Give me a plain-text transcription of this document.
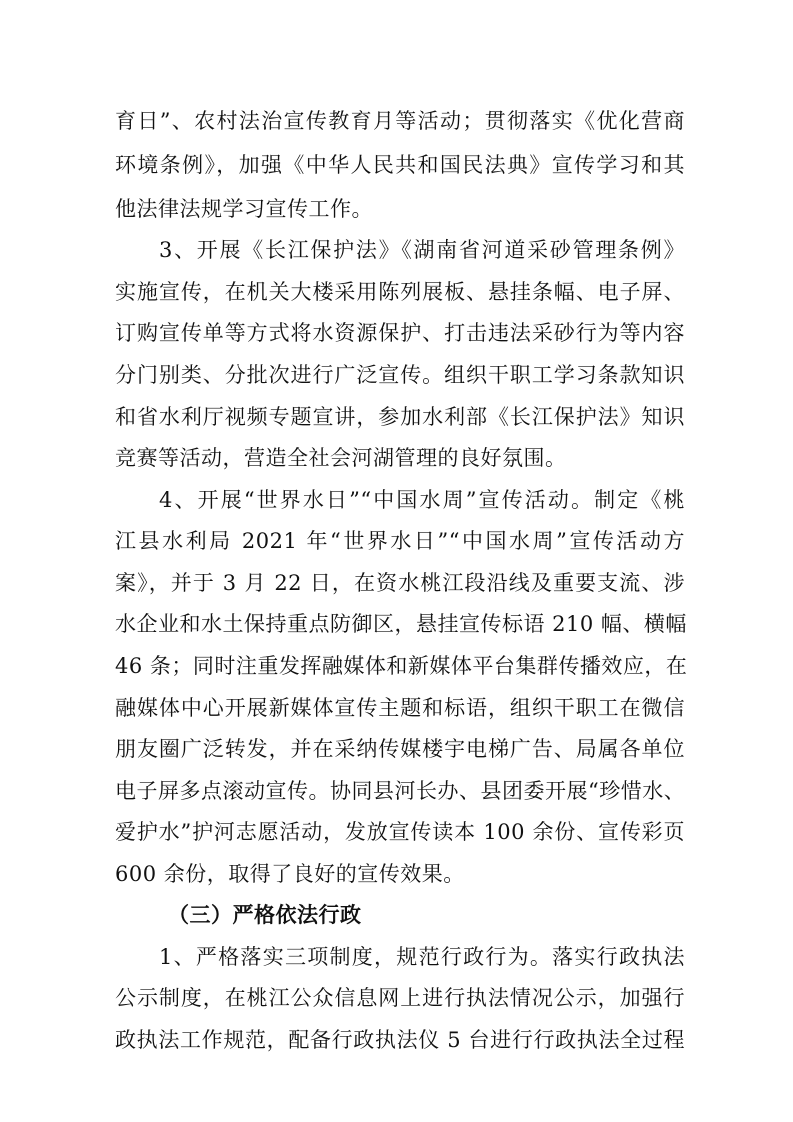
育日”、农村法治宣传教育月等活动；贯彻落实《优化营商
环境条例》，加强《中华人民共和国民法典》宣传学习和其
他法律法规学习宣传工作。
3、开展《长江保护法》《湖南省河道采砂管理条例》
实施宣传，在机关大楼采用陈列展板、悬挂条幅、电子屏、
订购宣传单等方式将水资源保护、打击违法采砂行为等内容
分门别类、分批次进行广泛宣传。组织干职工学习条款知识
和省水利厅视频专题宣讲，参加水利部《长江保护法》知识
竞赛等活动，营造全社会河湖管理的良好氛围。
4、开展“世界水日”“中国水周”宣传活动。制定《桃
江县水利局 2021 年“世界水日”“中国水周”宣传活动方
案》，并于 3 月 22 日，在资水桃江段沿线及重要支流、涉
水企业和水土保持重点防御区，悬挂宣传标语 210 幅、横幅
46 条；同时注重发挥融媒体和新媒体平台集群传播效应，在
融媒体中心开展新媒体宣传主题和标语，组织干职工在微信
朋友圈广泛转发，并在采纳传媒楼宇电梯广告、局属各单位
电子屏多点滚动宣传。协同县河长办、县团委开展“珍惜水、
爱护水”护河志愿活动，发放宣传读本 100 余份、宣传彩页
600 余份，取得了良好的宣传效果。
（三）严格依法行政
1、严格落实三项制度，规范行政行为。落实行政执法
公示制度，在桃江公众信息网上进行执法情况公示，加强行
政执法工作规范，配备行政执法仪 5 台进行行政执法全过程
